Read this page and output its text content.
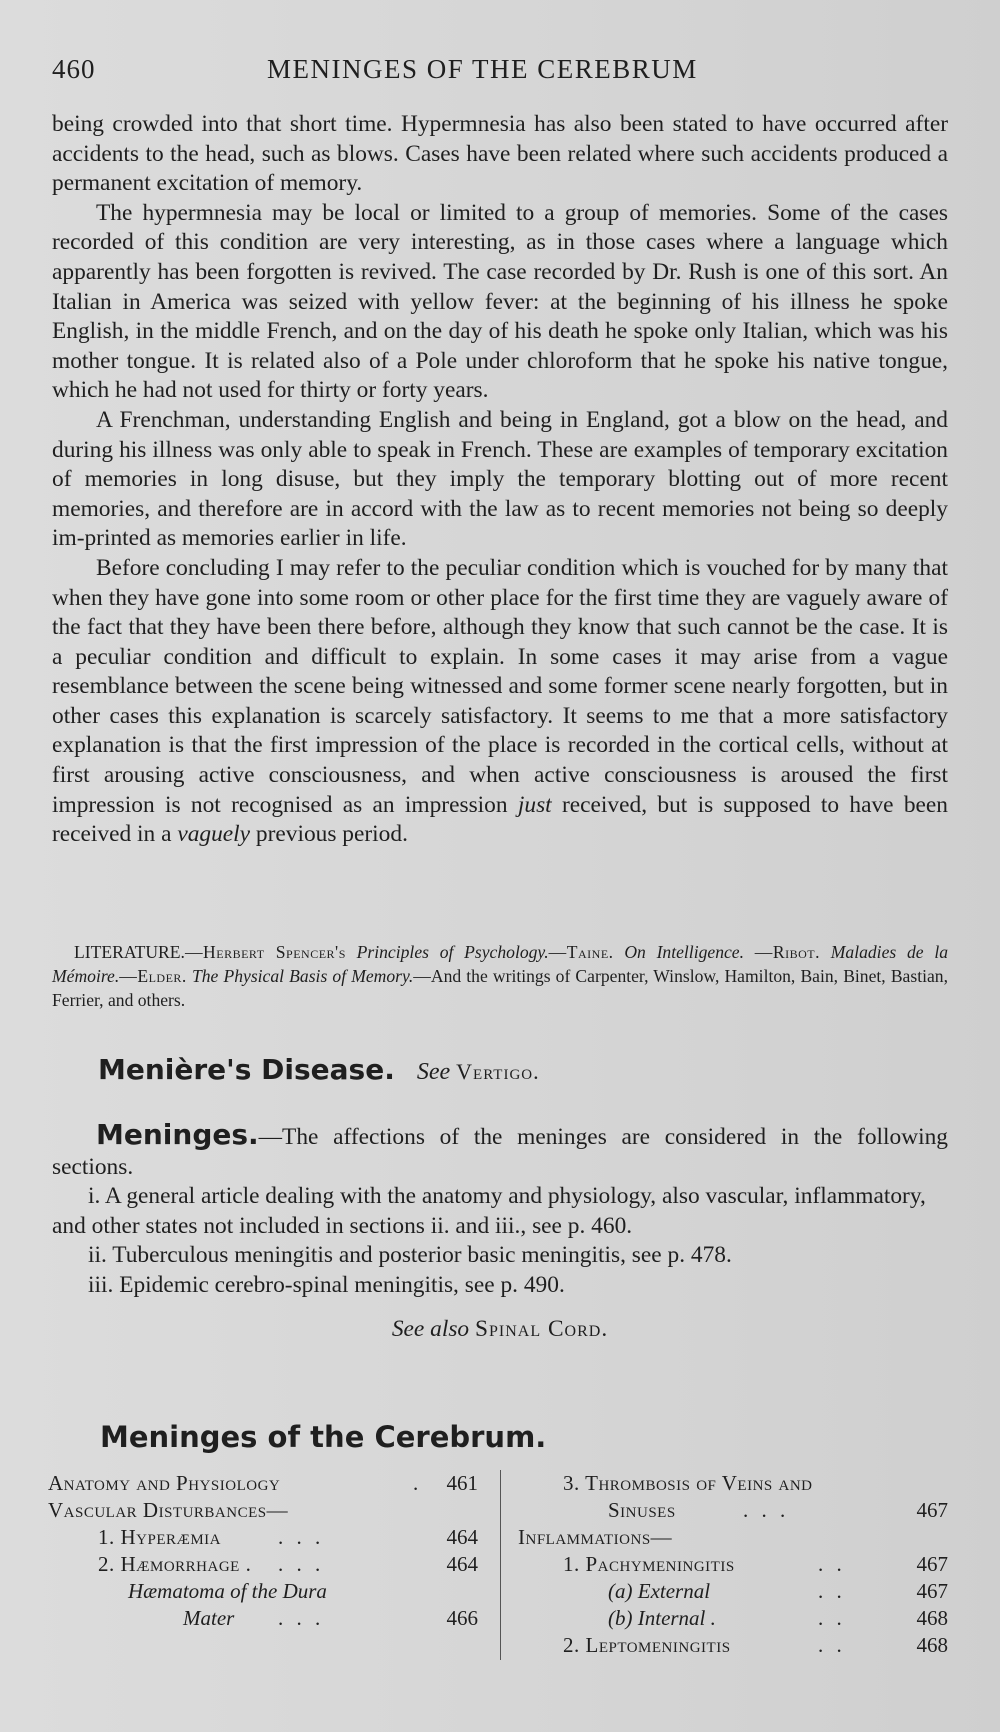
460	MENINGES OF THE CEREBRUM

being crowded into that short time. Hypermnesia has also been stated to have occurred after accidents to the head, such as blows. Cases have been related where such accidents produced a permanent excitation of memory.

The hypermnesia may be local or limited to a group of memories. Some of the cases recorded of this condition are very interesting, as in those cases where a language which apparently has been forgotten is revived. The case recorded by Dr. Rush is one of this sort. An Italian in America was seized with yellow fever: at the beginning of his illness he spoke English, in the middle French, and on the day of his death he spoke only Italian, which was his mother tongue. It is related also of a Pole under chloroform that he spoke his native tongue, which he had not used for thirty or forty years.

A Frenchman, understanding English and being in England, got a blow on the head, and during his illness was only able to speak in French. These are examples of temporary excitation of memories in long disuse, but they imply the temporary blotting out of more recent memories, and therefore are in accord with the law as to recent memories not being so deeply im-printed as memories earlier in life.

Before concluding I may refer to the peculiar condition which is vouched for by many that when they have gone into some room or other place for the first time they are vaguely aware of the fact that they have been there before, although they know that such cannot be the case. It is a peculiar condition and difficult to explain. In some cases it may arise from a vague resemblance between the scene being witnessed and some former scene nearly forgotten, but in other cases this explanation is scarcely satisfactory. It seems to me that a more satisfactory explanation is that the first impression of the place is recorded in the cortical cells, without at first arousing active consciousness, and when active consciousness is aroused the first impression is not recognised as an impression just received, but is supposed to have been received in a vaguely previous period.

LITERATURE.—Herbert Spencer's Principles of Psychology.—Taine. On Intelligence. —Ribot. Maladies de la Mémoire.—Elder. The Physical Basis of Memory.—And the writings of Carpenter, Winslow, Hamilton, Bain, Binet, Bastian, Ferrier, and others.
Menière's Disease. See Vertigo.

Meninges.—The affections of the meninges are considered in the following sections.

i. A general article dealing with the anatomy and physiology, also vascular, inflammatory, and other states not included in sections ii. and iii., see p. 460.

ii. Tuberculous meningitis and posterior basic meningitis, see p. 478.

iii. Epidemic cerebro-spinal meningitis, see p. 490.

See also Spinal Cord.

Meninges of the Cerebrum.
Anatomy and Physiology	. 461
Vascular Disturbances—
1. Hyperæmia	. . .	464
2. Hæmorrhage . . . .	464
Hæmatoma of the Dura
Mater . . .	466
3. Thrombosis of Veins and
Sinuses	. . .	467
Inflammations—
1. Pachymeningitis	. .	467
(a) External	. .	467
(b) Internal .	. .	468
2. Leptomeningitis	. .	468
